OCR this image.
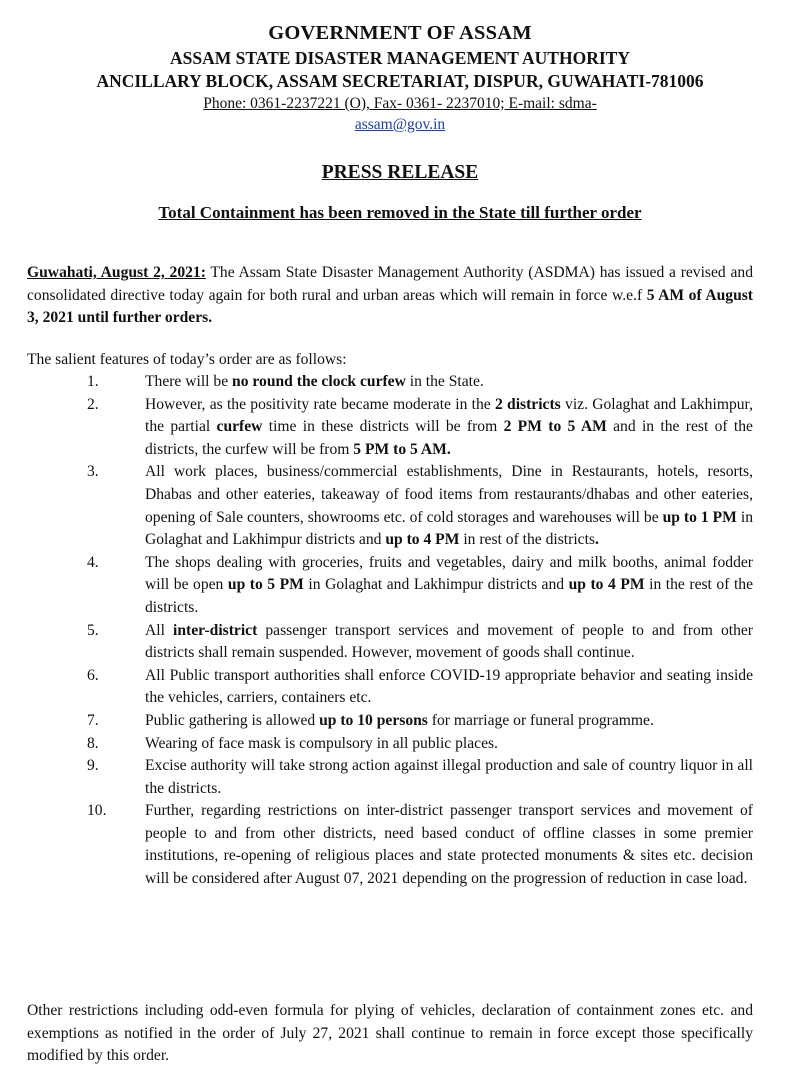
GOVERNMENT OF ASSAM
ASSAM STATE DISASTER MANAGEMENT AUTHORITY
ANCILLARY BLOCK, ASSAM SECRETARIAT, DISPUR, GUWAHATI-781006
Phone: 0361-2237221 (O), Fax- 0361- 2237010; E-mail: sdma-
assam@gov.in
PRESS RELEASE
Total Containment has been removed in the State till further order
Guwahati, August 2, 2021: The Assam State Disaster Management Authority (ASDMA) has issued a revised and consolidated directive today again for both rural and urban areas which will remain in force w.e.f 5 AM of August 3, 2021 until further orders.
The salient features of today’s order are as follows:
1.	There will be no round the clock curfew in the State.
2.	However, as the positivity rate became moderate in the 2 districts viz. Golaghat and Lakhimpur, the partial curfew time in these districts will be from 2 PM to 5 AM and in the rest of the districts, the curfew will be from 5 PM to 5 AM.
3.	All work places, business/commercial establishments, Dine in Restaurants, hotels, resorts, Dhabas and other eateries, takeaway of food items from restaurants/dhabas and other eateries, opening of Sale counters, showrooms etc. of cold storages and warehouses will be up to 1 PM in Golaghat and Lakhimpur districts and up to 4 PM in rest of the districts.
4.	The shops dealing with groceries, fruits and vegetables, dairy and milk booths, animal fodder will be open up to 5 PM in Golaghat and Lakhimpur districts and up to 4 PM in the rest of the districts.
5.	All inter-district passenger transport services and movement of people to and from other districts shall remain suspended. However, movement of goods shall continue.
6.	All Public transport authorities shall enforce COVID-19 appropriate behavior and seating inside the vehicles, carriers, containers etc.
7.	Public gathering is allowed up to 10 persons for marriage or funeral programme.
8.	Wearing of face mask is compulsory in all public places.
9.	Excise authority will take strong action against illegal production and sale of country liquor in all the districts.
10.	Further, regarding restrictions on inter-district passenger transport services and movement of people to and from other districts, need based conduct of offline classes in some premier institutions, re-opening of religious places and state protected monuments & sites etc. decision will be considered after August 07, 2021 depending on the progression of reduction in case load.
Other restrictions including odd-even formula for plying of vehicles, declaration of containment zones etc. and exemptions as notified in the order of July 27, 2021 shall continue to remain in force except those specifically modified by this order.
